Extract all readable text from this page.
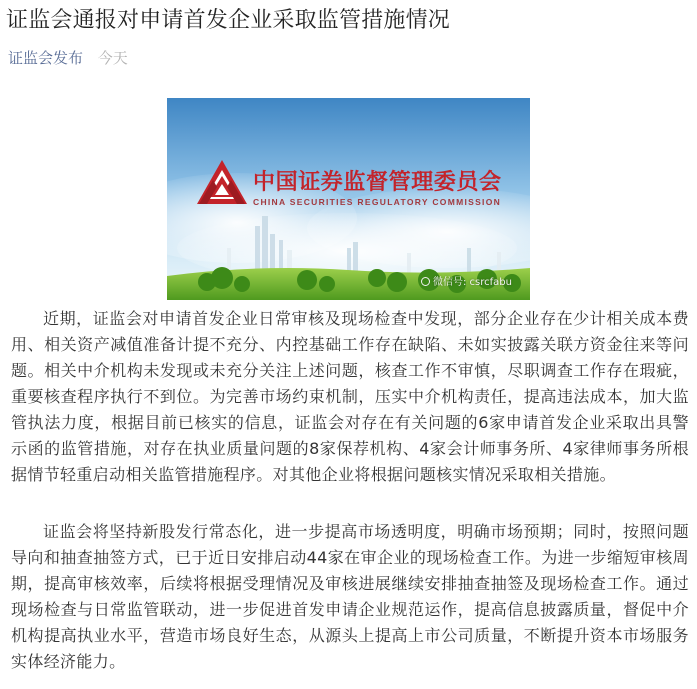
证监会通报对申请首发企业采取监管措施情况
证监会发布 今天
中国证券监督管理委员会
CHINA SECURITIES REGULATORY COMMISSION
微信号: csrcfabu

近期，证监会对申请首发企业日常审核及现场检查中发现，部分企业存在少计相关成本费用、相关资产减值准备计提不充分、内控基础工作存在缺陷、未如实披露关联方资金往来等问题。相关中介机构未发现或未充分关注上述问题，核查工作不审慎，尽职调查工作存在瑕疵，重要核查程序执行不到位。为完善市场约束机制，压实中介机构责任，提高违法成本，加大监管执法力度，根据目前已核实的信息，证监会对存在有关问题的6家申请首发企业采取出具警示函的监管措施，对存在执业质量问题的8家保荐机构、4家会计师事务所、4家律师事务所根据情节轻重启动相关监管措施程序。对其他企业将根据问题核实情况采取相关措施。

证监会将坚持新股发行常态化，进一步提高市场透明度，明确市场预期；同时，按照问题导向和抽查抽签方式，已于近日安排启动44家在审企业的现场检查工作。为进一步缩短审核周期，提高审核效率，后续将根据受理情况及审核进展继续安排抽查抽签及现场检查工作。通过现场检查与日常监管联动，进一步促进首发申请企业规范运作，提高信息披露质量，督促中介机构提高执业水平，营造市场良好生态，从源头上提高上市公司质量，不断提升资本市场服务实体经济能力。
